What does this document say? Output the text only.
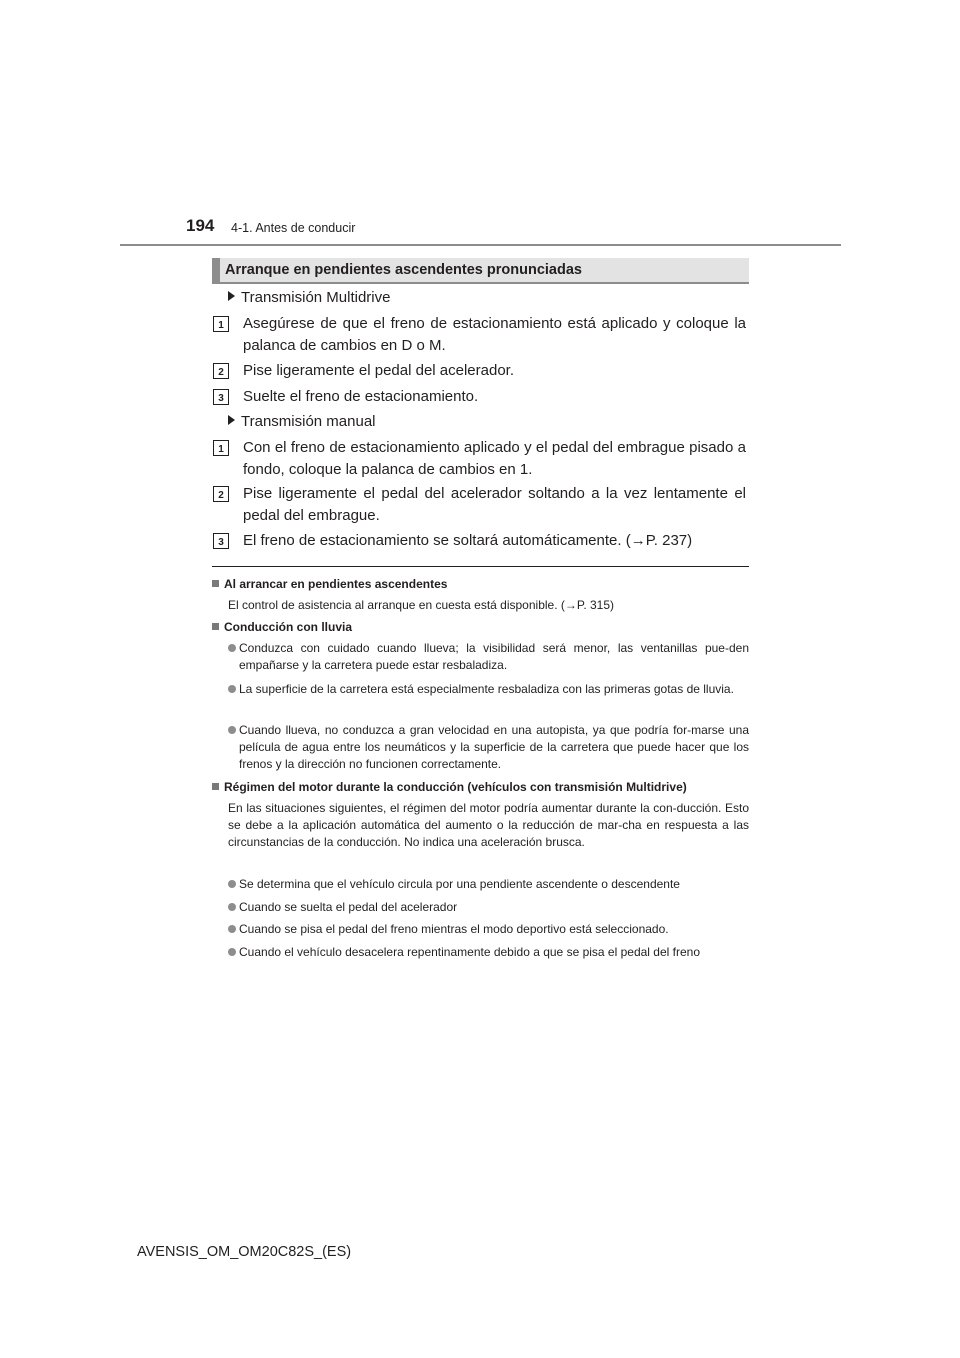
194 4-1. Antes de conducir
Arranque en pendientes ascendentes pronunciadas
Transmisión Multidrive
1	Asegúrese de que el freno de estacionamiento está aplicado y coloque la palanca de cambios en D o M.
2	Pise ligeramente el pedal del acelerador.
3	Suelte el freno de estacionamiento.
Transmisión manual
1	Con el freno de estacionamiento aplicado y el pedal del embrague pisado a fondo, coloque la palanca de cambios en 1.
2	Pise ligeramente el pedal del acelerador soltando a la vez lentamente el pedal del embrague.
3	El freno de estacionamiento se soltará automáticamente. (→P. 237)
Al arrancar en pendientes ascendentes
El control de asistencia al arranque en cuesta está disponible. (→P. 315)
Conducción con lluvia
Conduzca con cuidado cuando llueva; la visibilidad será menor, las ventanillas pue-den empañarse y la carretera puede estar resbaladiza.
La superficie de la carretera está especialmente resbaladiza con las primeras gotas de lluvia.
Cuando llueva, no conduzca a gran velocidad en una autopista, ya que podría for-marse una película de agua entre los neumáticos y la superficie de la carretera que puede hacer que los frenos y la dirección no funcionen correctamente.
Régimen del motor durante la conducción (vehículos con transmisión Multidrive)
En las situaciones siguientes, el régimen del motor podría aumentar durante la con-ducción. Esto se debe a la aplicación automática del aumento o la reducción de mar-cha en respuesta a las circunstancias de la conducción. No indica una aceleración brusca.
Se determina que el vehículo circula por una pendiente ascendente o descendente
Cuando se suelta el pedal del acelerador
Cuando se pisa el pedal del freno mientras el modo deportivo está seleccionado.
Cuando el vehículo desacelera repentinamente debido a que se pisa el pedal del freno
AVENSIS_OM_OM20C82S_(ES)
